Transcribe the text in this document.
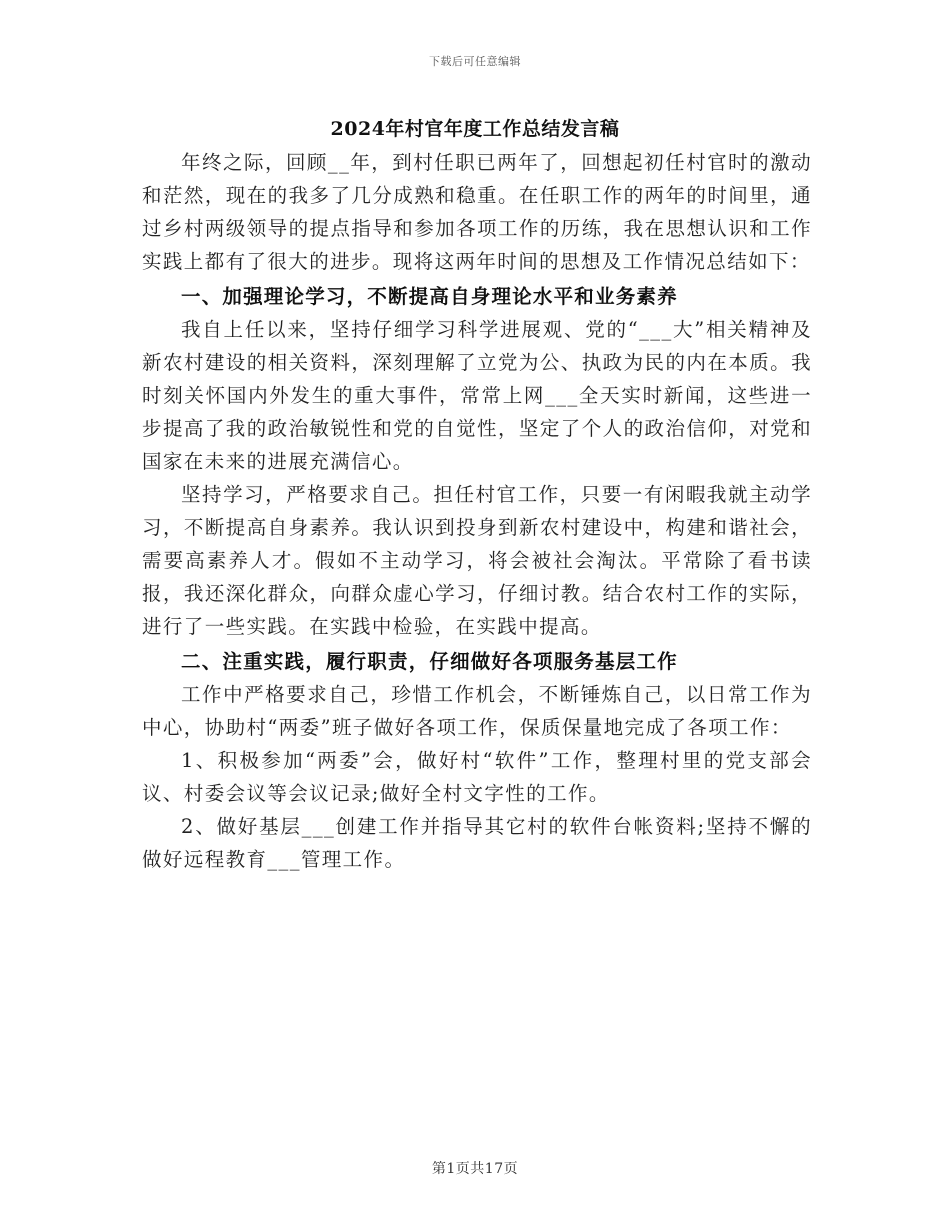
下载后可任意编辑
2024年村官年度工作总结发言稿

年终之际，回顾__年，到村任职已两年了，回想起初任村官时的激动和茫然，现在的我多了几分成熟和稳重。在任职工作的两年的时间里，通过乡村两级领导的提点指导和参加各项工作的历练，我在思想认识和工作实践上都有了很大的进步。现将这两年时间的思想及工作情况总结如下：

一、加强理论学习，不断提高自身理论水平和业务素养

我自上任以来，坚持仔细学习科学进展观、党的“___大”相关精神及新农村建设的相关资料，深刻理解了立党为公、执政为民的内在本质。我时刻关怀国内外发生的重大事件，常常上网___全天实时新闻，这些进一步提高了我的政治敏锐性和党的自觉性，坚定了个人的政治信仰，对党和国家在未来的进展充满信心。

坚持学习，严格要求自己。担任村官工作，只要一有闲暇我就主动学习，不断提高自身素养。我认识到投身到新农村建设中，构建和谐社会，需要高素养人才。假如不主动学习，将会被社会淘汰。平常除了看书读报，我还深化群众，向群众虚心学习，仔细讨教。结合农村工作的实际，进行了一些实践。在实践中检验，在实践中提高。

二、注重实践，履行职责，仔细做好各项服务基层工作

工作中严格要求自己，珍惜工作机会，不断锤炼自己，以日常工作为中心，协助村“两委”班子做好各项工作，保质保量地完成了各项工作：

1、积极参加“两委”会，做好村“软件”工作，整理村里的党支部会议、村委会议等会议记录;做好全村文字性的工作。

2、做好基层___创建工作并指导其它村的软件台帐资料;坚持不懈的做好远程教育___管理工作。

第1页共17页
